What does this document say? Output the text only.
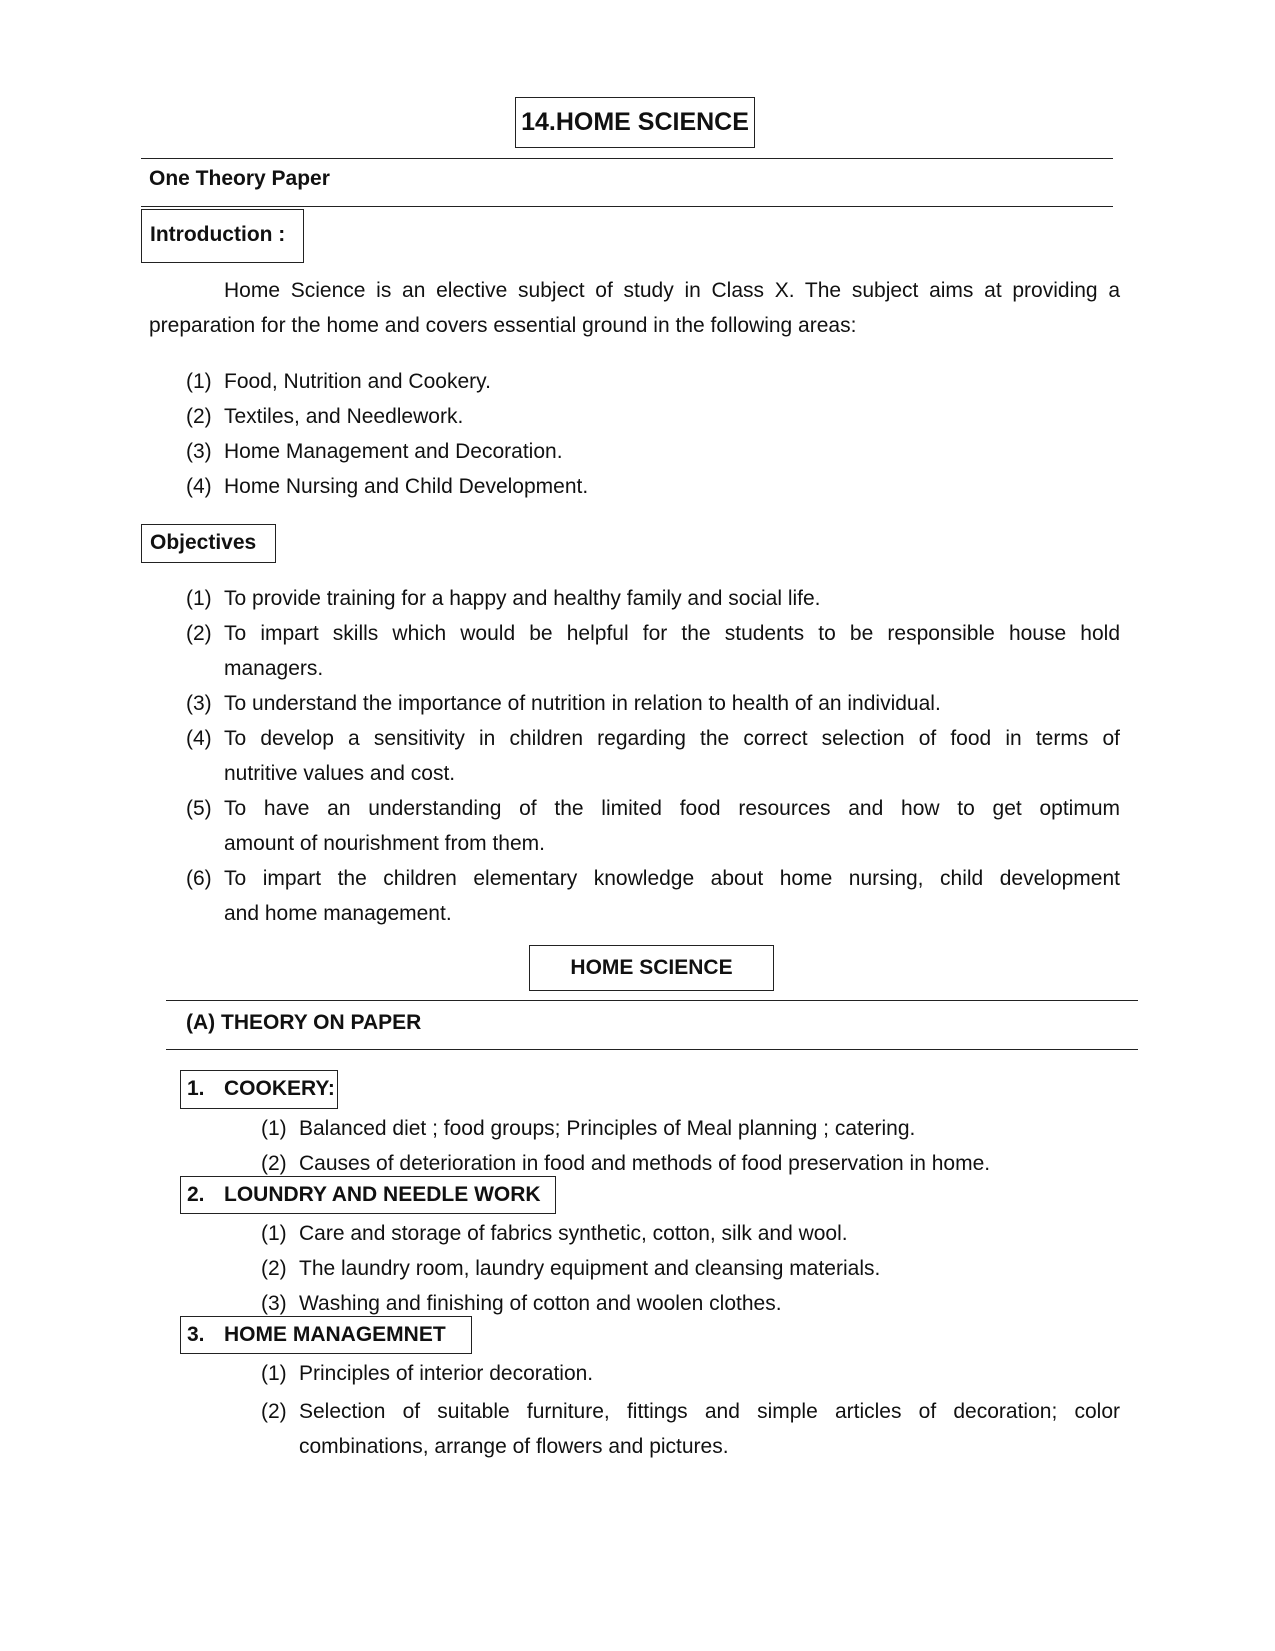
14.HOME SCIENCE
One Theory Paper
Introduction :
Home Science is an elective subject of study in Class X. The subject aims at providing a
preparation for the home and covers essential ground in the following areas:
(1) Food, Nutrition and Cookery.
(2) Textiles, and Needlework.
(3) Home Management and Decoration.
(4) Home Nursing and Child Development.
Objectives
(1) To provide training for a happy and healthy family and social life.
(2) To impart skills which would be helpful for the students to be responsible house hold
managers.
(3) To understand the importance of nutrition in relation to health of an individual.
(4) To develop a sensitivity in children regarding the correct selection of food in terms of
nutritive values and cost.
(5) To have an understanding of the limited food resources and how to get optimum
amount of nourishment from them.
(6) To impart the children elementary knowledge about home nursing, child development
and home management.
HOME SCIENCE
(A) THEORY ON PAPER
1. COOKERY:
(1) Balanced diet ; food groups; Principles of Meal planning ; catering.
(2) Causes of deterioration in food and methods of food preservation in home.
2. LOUNDRY AND NEEDLE WORK
(1) Care and storage of fabrics synthetic, cotton, silk and wool.
(2) The laundry room, laundry equipment and cleansing materials.
(3) Washing and finishing of cotton and woolen clothes.
3. HOME MANAGEMNET
(1) Principles of interior decoration.
(2) Selection of suitable furniture, fittings and simple articles of decoration; color
combinations, arrange of flowers and pictures.
